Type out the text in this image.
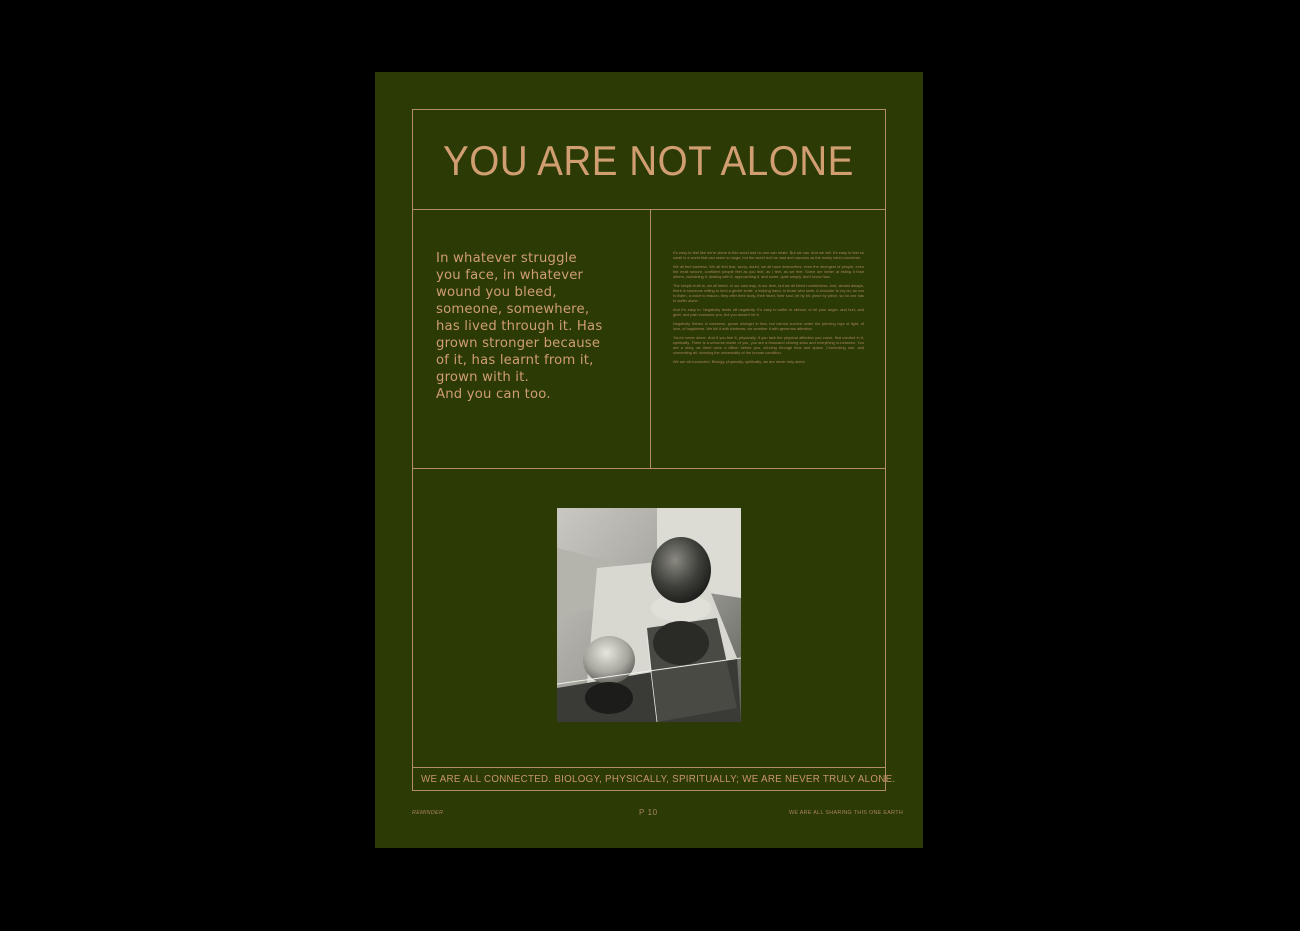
YOU ARE NOT ALONE
In whatever struggle
you face, in whatever
wound you bleed,
someone, somewhere,
has lived through it. Has
grown stronger because
of it, has learnt from it,
grown with it.
And you can too.

It's easy to feel like we're alone in this world and no one can relate. But we can. And we will. It's easy to feel so small in a world that can seem so large, but the world isn't as vast and vacuous as the lonely mind conceives.

We all feel sadness. We all feel fear, worry, doubt, we all have insecurities, even the strongest of people, even the most secure, confident people feel as you feel, as I feel, as we feel. Some are better at hiding it than others, containing it, dealing with it, approaching it, and some, quite simply, don't know how.

The simple truth is, we all bleed. In our own way, in our time, but we all bleed nonetheless. And, almost always, there is someone willing to lend a gentle smile, a helping hand, to those who seek. A shoulder to cry on, an ear to listen, a voice to reason, they offer their body, their heart, their soul, bit by bit, piece by piece, so no one has to suffer alone.

And it's easy to. Negativity feeds off negativity. It's easy to suffer in silence, to let your anger, and hurt, and grief, and pain consume you, but you mustn't let it.

Negativity thrives in darkness, grows stronger in fear, but cannot survive under the piercing rays of light, of love, of happiness. We kill it with kindness, we smother it with generous affection.

You're never alone. And if you feel it, physically, if you lack the physical affection you crave, find comfort in it, spiritually. There is a universe inside of you, you are a thousand shining stars and everything in-between. You are a story, as there were a billion before you, echoing through time and space. Connecting one, and connecting all, showing the universality of the human condition.

We are all connected. Biology, physically, spiritually, we are never truly alone.

WE ARE ALL CONNECTED. BIOLOGY, PHYSICALLY, SPIRITUALLY; WE ARE NEVER TRULY ALONE.
REMINDER	P 10	WE ARE ALL SHARING THIS ONE EARTH
